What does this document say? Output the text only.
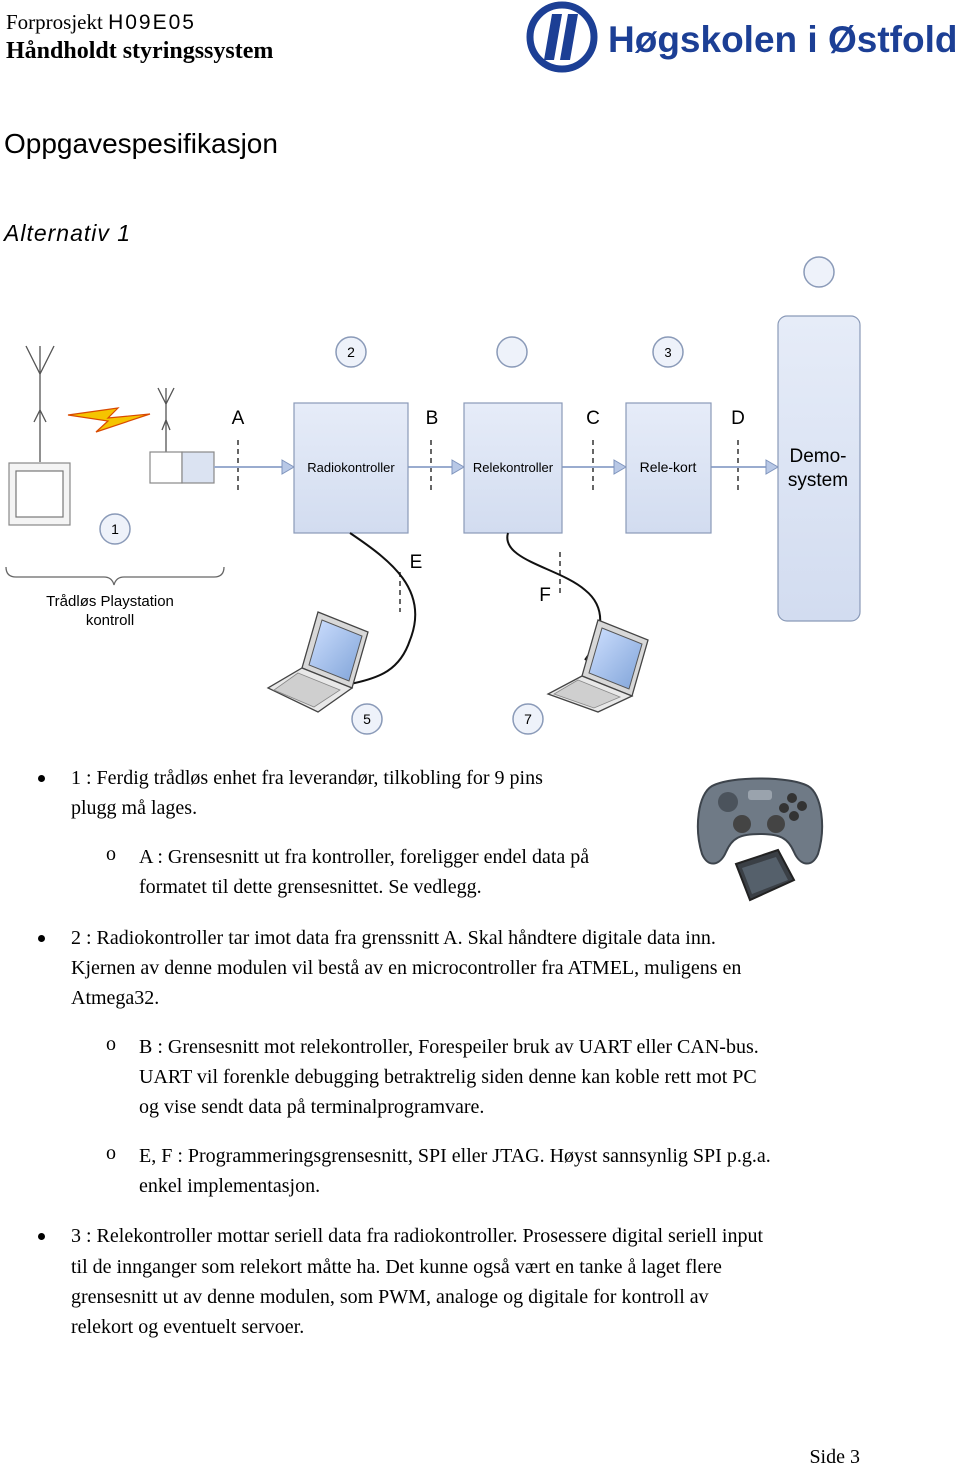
Forprosjekt H09E05
Håndholdt styringssystem	Høgskolen i Østfold
Oppgavespesifikasjon
Alternativ 1
2	3
1
5	7
Radiokontroller	Relekontroller	Rele-kort	Demo-
system
A	B	C	D
E
F
Trådløs Playstation
kontroll
1 : Ferdig trådløs enhet fra leverandør, tilkobling for 9 pins
plugg må lages.
o A : Grensesnitt ut fra kontroller, foreligger endel data på
formatet til dette grensesnittet. Se vedlegg.
2 : Radiokontroller tar imot data fra grenssnitt A. Skal håndtere digitale data inn.
Kjernen av denne modulen vil bestå av en microcontroller fra ATMEL, muligens en
Atmega32.
o B : Grensesnitt mot relekontroller, Forespeiler bruk av UART eller CAN-bus.
UART vil forenkle debugging betraktrelig siden denne kan koble rett mot PC
og vise sendt data på terminalprogramvare.
o E, F : Programmeringsgrensesnitt, SPI eller JTAG. Høyst sannsynlig SPI p.g.a.
enkel implementasjon.
3 : Relekontroller mottar seriell data fra radiokontroller. Prosessere digital seriell input
til de innganger som relekort måtte ha. Det kunne også vært en tanke å laget flere
grensesnitt ut av denne modulen, som PWM, analoge og digitale for kontroll av
relekort og eventuelt servoer.
Side 3
